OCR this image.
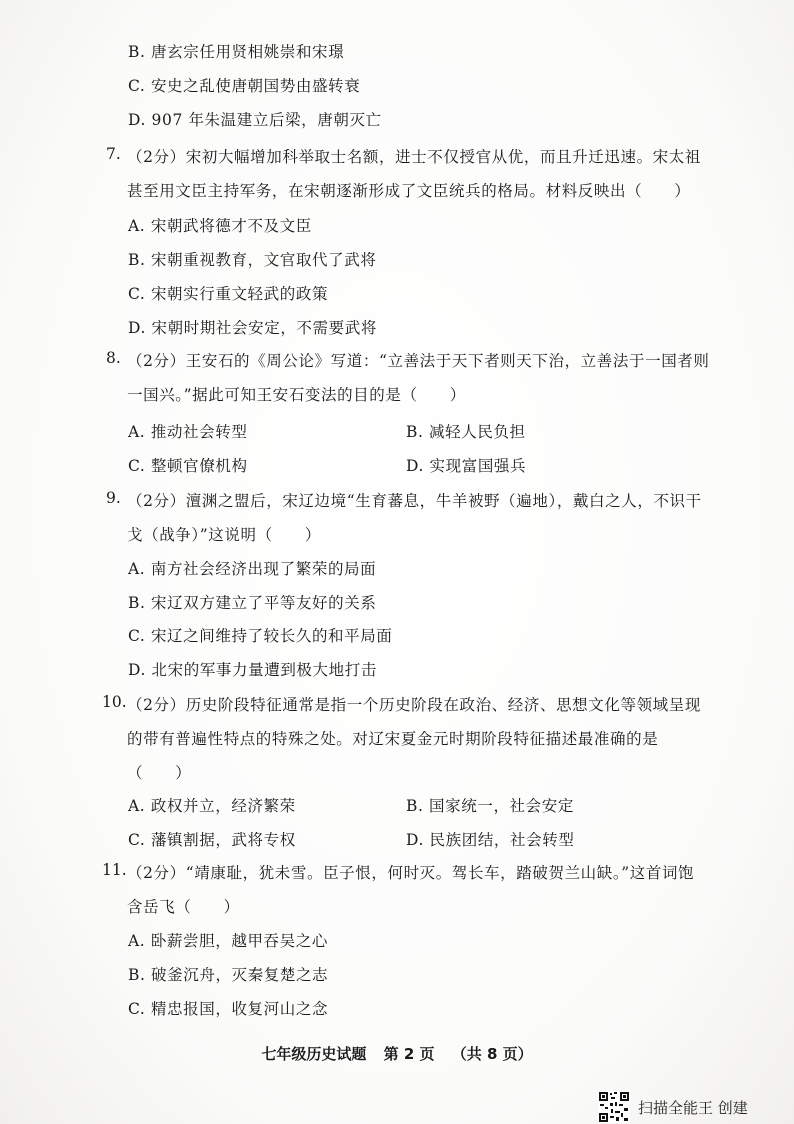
B. 唐玄宗任用贤相姚崇和宋璟
C. 安史之乱使唐朝国势由盛转衰
D. 907 年朱温建立后梁，唐朝灭亡
7. （2分）宋初大幅增加科举取士名额，进士不仅授官从优，而且升迁迅速。宋太祖
甚至用文臣主持军务，在宋朝逐渐形成了文臣统兵的格局。材料反映出（　　）
A. 宋朝武将德才不及文臣
B. 宋朝重视教育，文官取代了武将
C. 宋朝实行重文轻武的政策
D. 宋朝时期社会安定，不需要武将
8. （2分）王安石的《周公论》写道：“立善法于天下者则天下治，立善法于一国者则
一国兴。”据此可知王安石变法的目的是（　　）
A. 推动社会转型	B. 减轻人民负担
C. 整顿官僚机构	D. 实现富国强兵
9. （2分）澶渊之盟后，宋辽边境“生育蕃息，牛羊被野（遍地），戴白之人，不识干
戈（战争）”这说明（　　）
A. 南方社会经济出现了繁荣的局面
B. 宋辽双方建立了平等友好的关系
C. 宋辽之间维持了较长久的和平局面
D. 北宋的军事力量遭到极大地打击
10. （2分）历史阶段特征通常是指一个历史阶段在政治、经济、思想文化等领域呈现
的带有普遍性特点的特殊之处。对辽宋夏金元时期阶段特征描述最准确的是
（　　）
A. 政权并立，经济繁荣	B. 国家统一，社会安定
C. 藩镇割据，武将专权	D. 民族团结，社会转型
11. （2分）“靖康耻，犹未雪。臣子恨，何时灭。驾长车，踏破贺兰山缺。”这首词饱
含岳飞（　　）
A. 卧薪尝胆，越甲吞吴之心
B. 破釜沉舟，灭秦复楚之志
C. 精忠报国，收复河山之念
七年级历史试题 第 2 页 （共 8 页）
扫描全能王 创建
